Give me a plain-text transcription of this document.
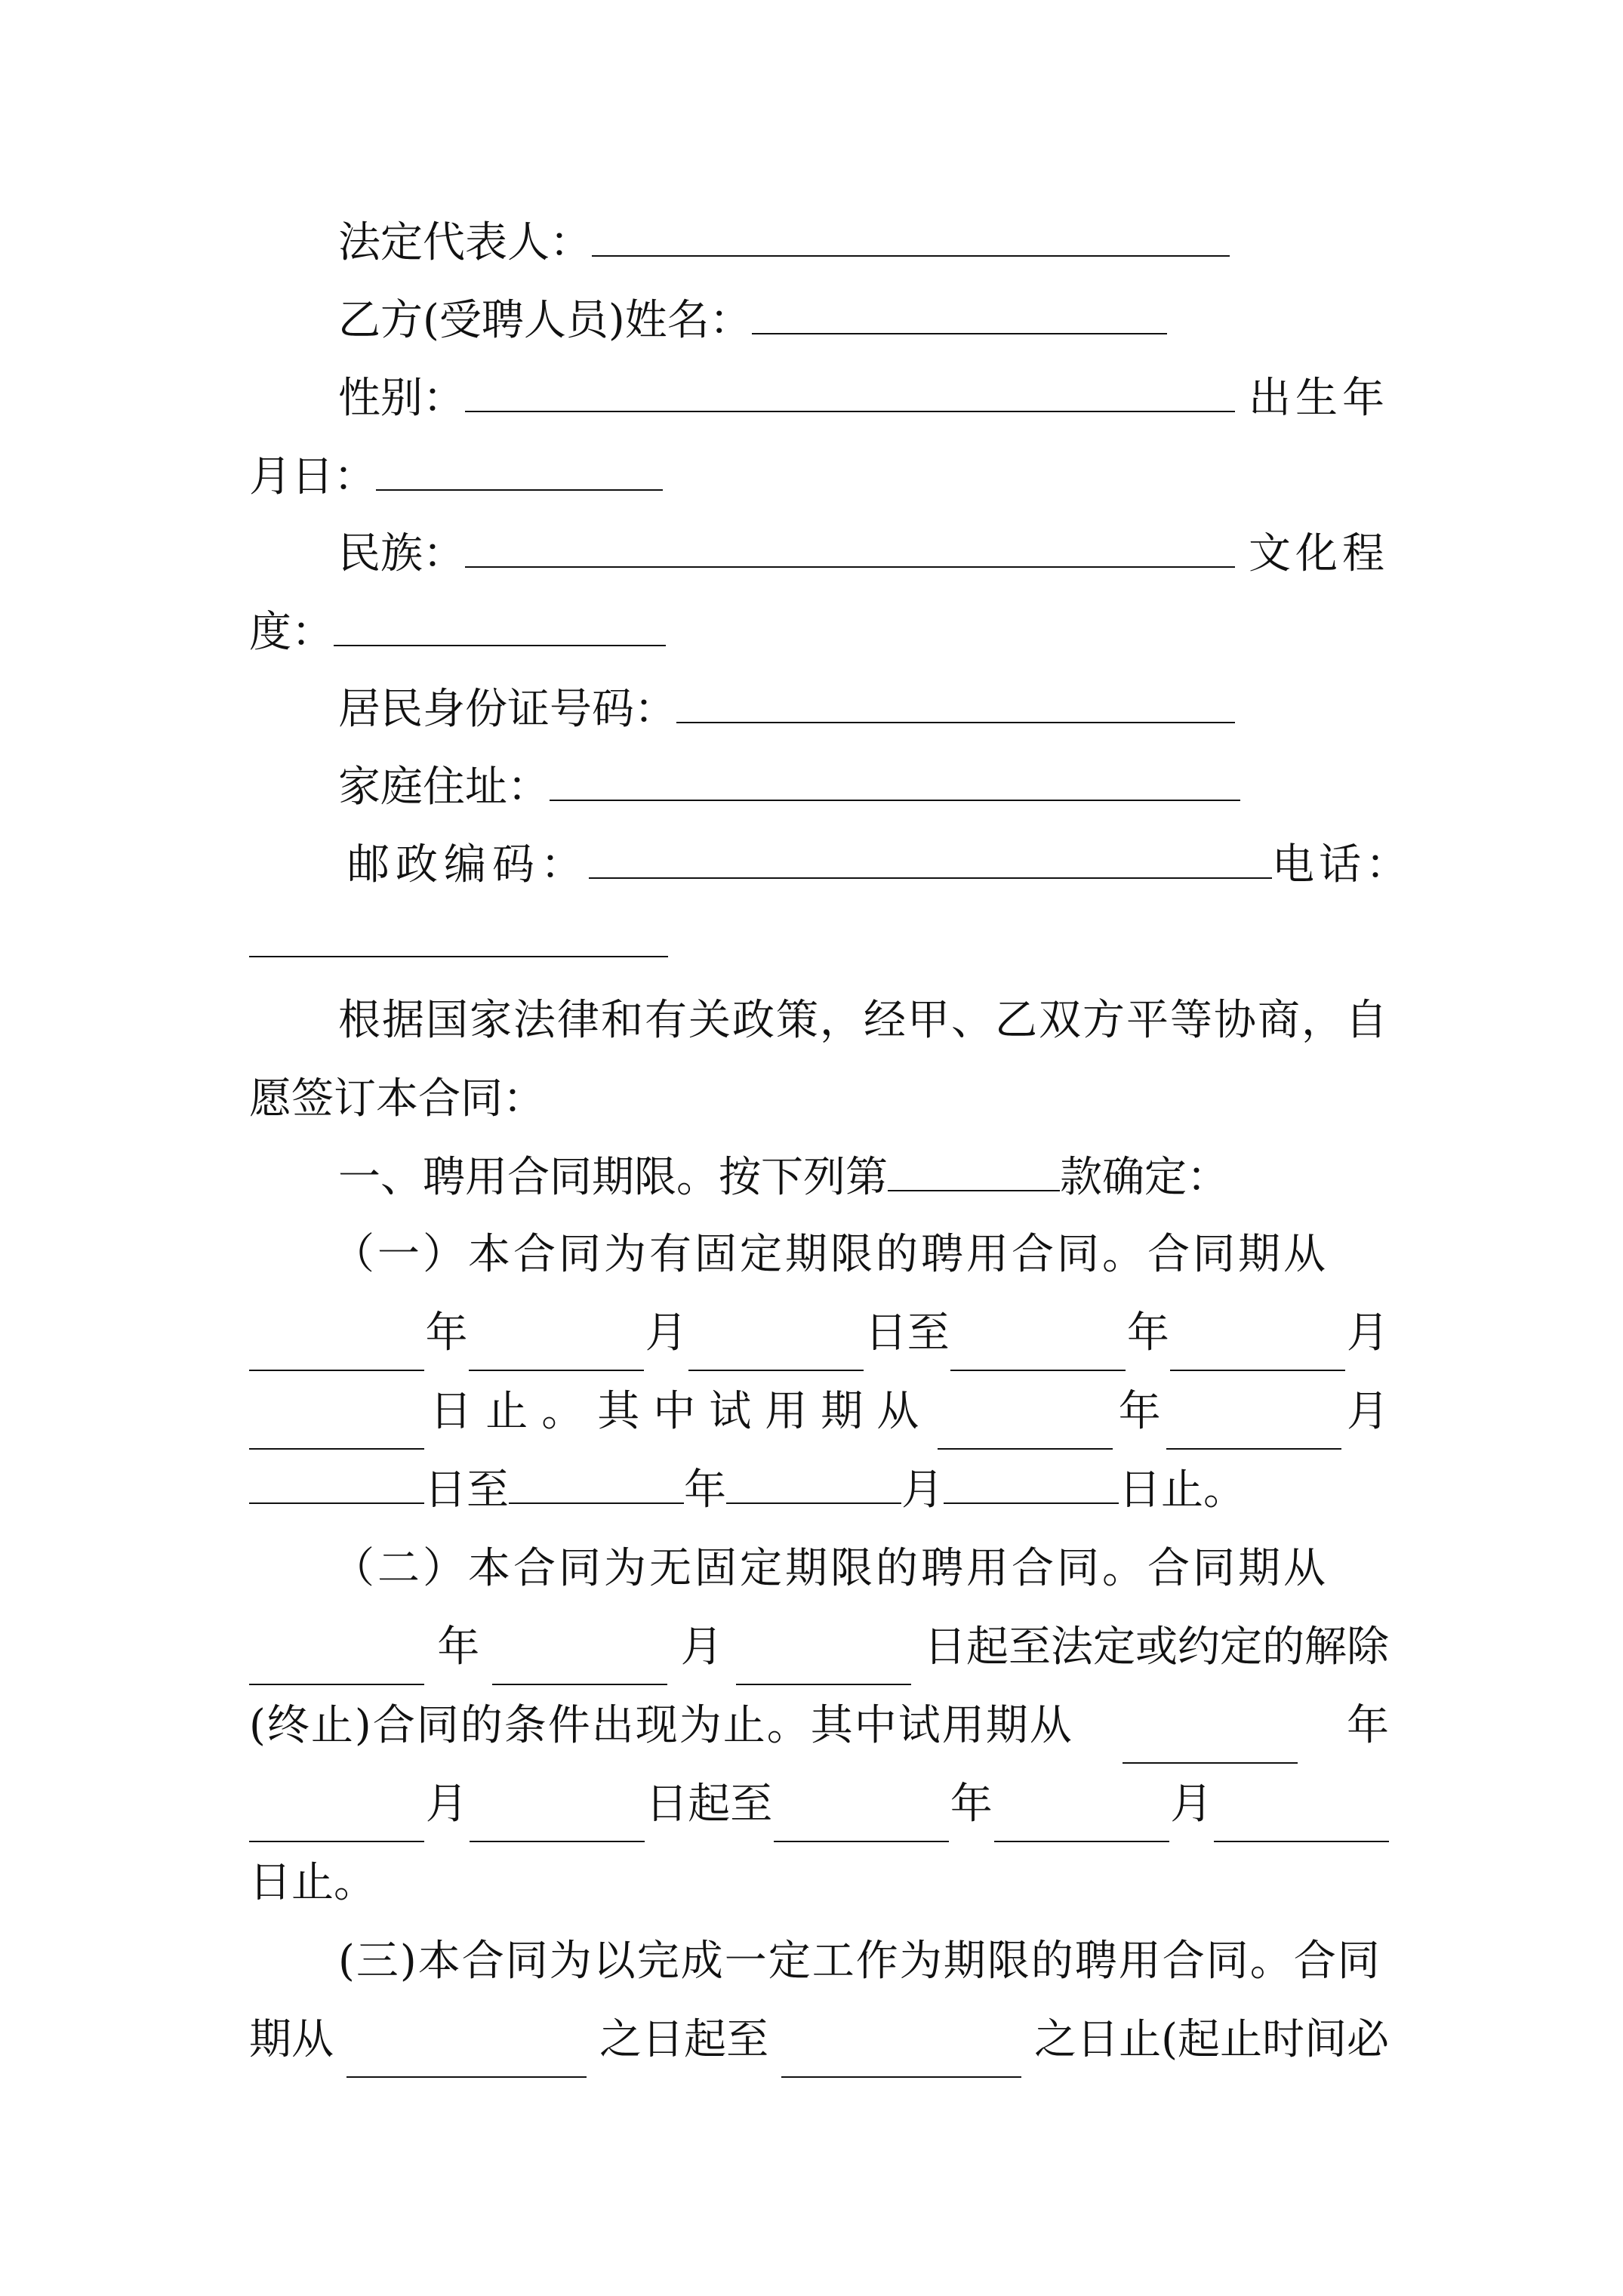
法定代表人：
乙方(受聘人员)姓名：
性别：	出生年
月日：
民族：	文化程
度：
居民身份证号码：
家庭住址：
邮政编码：	电话：
根据国家法律和有关政策，经甲、乙双方平等协商，自
愿签订本合同：
一、聘用合同期限。按下列第	款确定：
（一）本合同为有固定期限的聘用合同。合同期从
年	月	日至	年	月
日止。其中试用期从	年	月
日至	年	月	日止。
（二）本合同为无固定期限的聘用合同。合同期从
年	月	日起至法定或约定的解除
(终止)合同的条件出现为止。其中试用期从	年
月	日起至	年	月
日止。
(三)本合同为以完成一定工作为期限的聘用合同。合同
期从	之日起至	之日止(起止时间必
